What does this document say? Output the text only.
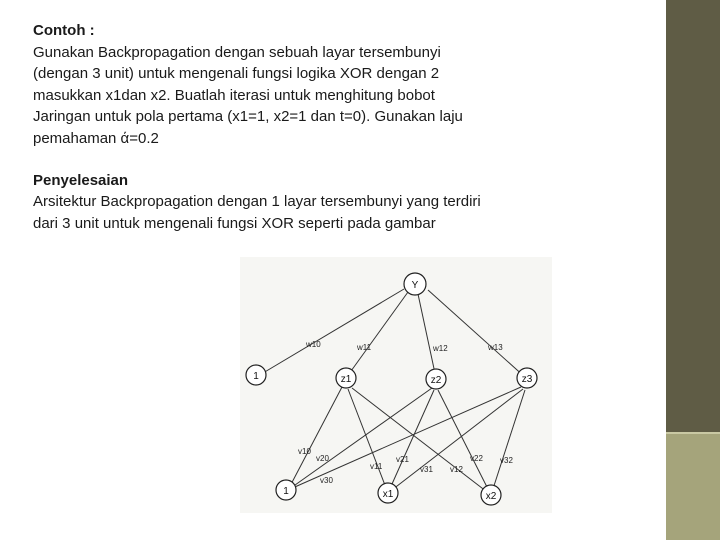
Contoh :

Gunakan Backpropagation dengan sebuah layar tersembunyi

(dengan 3 unit) untuk mengenali fungsi logika XOR dengan 2

masukkan x1dan x2. Buatlah iterasi untuk menghitung bobot

Jaringan untuk pola pertama (x1=1, x2=1 dan t=0). Gunakan laju

pemahaman ά=0.2

Penyelesaian

Arsitektur Backpropagation dengan 1 layar tersembunyi yang terdiri

dari 3 unit untuk mengenali fungsi XOR seperti pada gambar

Y
1	z1	z2	z3
1	x1	x2
w10	w11	w12	w13
v10
v20
v30
v11
v21
v31 v12
v22 v32
